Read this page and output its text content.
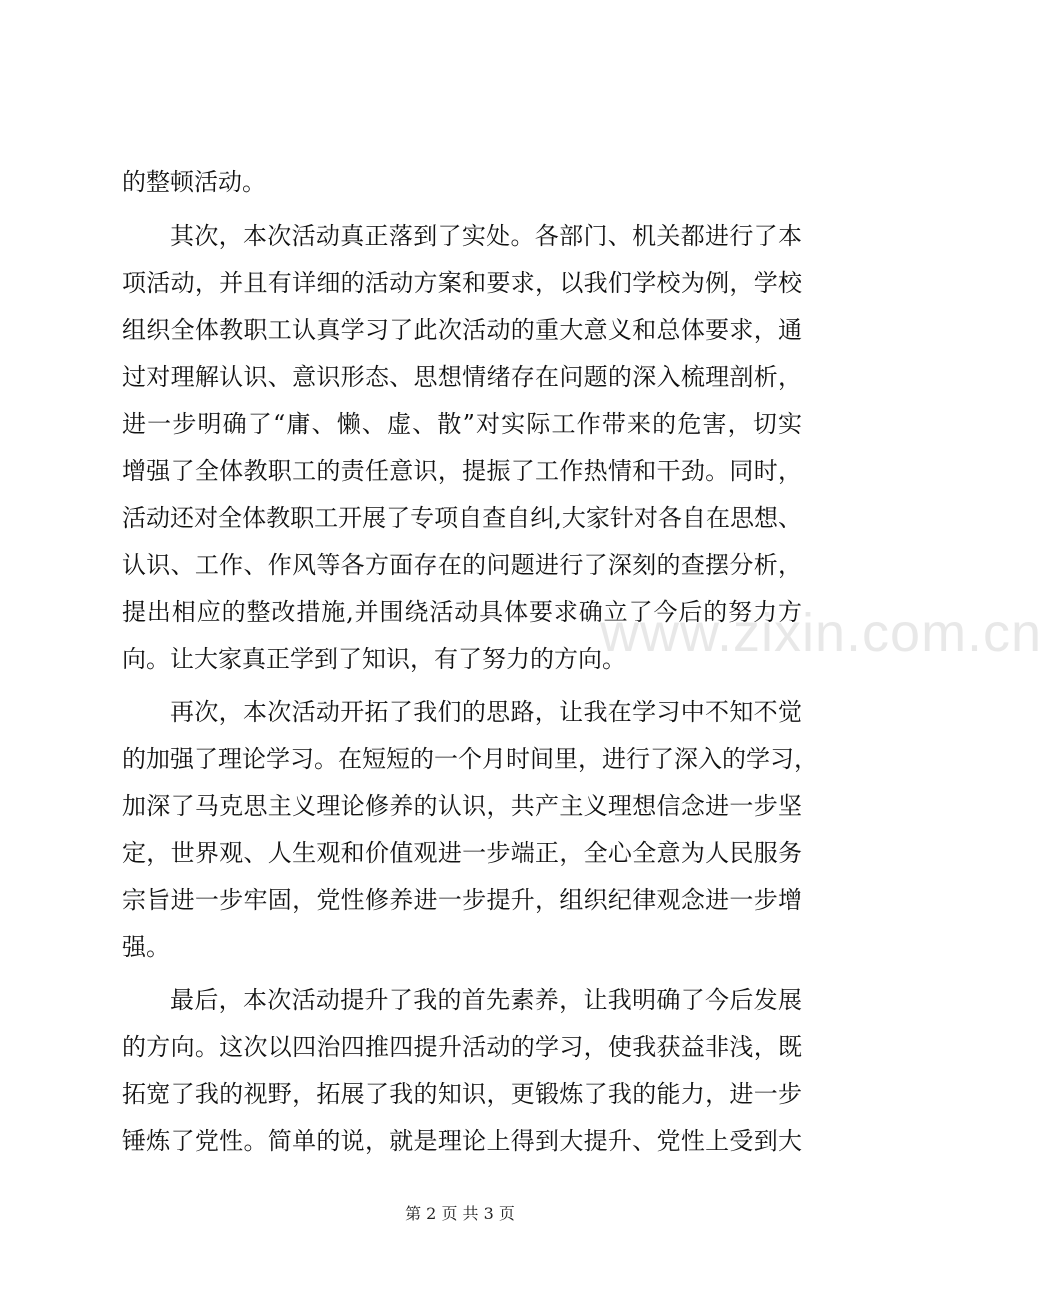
的整顿活动。
其次，本次活动真正落到了实处。各部门、机关都进行了本
项活动，并且有详细的活动方案和要求，以我们学校为例，学校
组织全体教职工认真学习了此次活动的重大意义和总体要求，通
过对理解认识、意识形态、思想情绪存在问题的深入梳理剖析，
进一步明确了“庸、懒、虚、散”对实际工作带来的危害，切实
增强了全体教职工的责任意识，提振了工作热情和干劲。同时，
活动还对全体教职工开展了专项自查自纠,大家针对各自在思想、
认识、工作、作风等各方面存在的问题进行了深刻的查摆分析，
提出相应的整改措施,并围绕活动具体要求确立了今后的努力方
向。让大家真正学到了知识，有了努力的方向。
再次，本次活动开拓了我们的思路，让我在学习中不知不觉
的加强了理论学习。在短短的一个月时间里，进行了深入的学习，
加深了马克思主义理论修养的认识，共产主义理想信念进一步坚
定，世界观、人生观和价值观进一步端正，全心全意为人民服务
宗旨进一步牢固，党性修养进一步提升，组织纪律观念进一步增
强。
最后，本次活动提升了我的首先素养，让我明确了今后发展
的方向。这次以四治四推四提升活动的学习，使我获益非浅，既
拓宽了我的视野，拓展了我的知识，更锻炼了我的能力，进一步
锤炼了党性。简单的说，就是理论上得到大提升、党性上受到大
www.zixin.com.cn
第 2 页 共 3 页
